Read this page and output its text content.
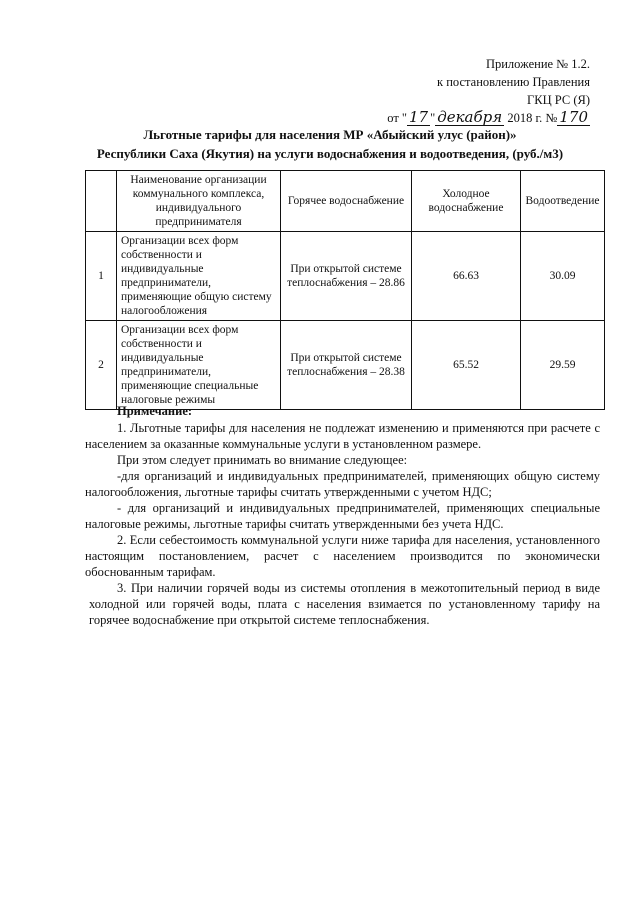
Приложение № 1.2.
к постановлению Правления
ГКЦ РС (Я)
от " 17 " декабря 2018 г. № 170
Льготные тарифы для населения МР «Абыйский улус (район)»
Республики Саха (Якутия) на услуги водоснабжения и водоотведения, (руб./м3)
	Наименование организации коммунального комплекса, индивидуального предпринимателя	Горячее водоснабжение	Холодное водоснабжение	Водоотведение
1	Организации всех форм собственности и индивидуальные предприниматели, применяющие общую систему налогообложения	При открытой системе теплоснабжения – 28.86	66.63	30.09
2	Организации всех форм собственности и индивидуальные предприниматели, применяющие специальные налоговые режимы	При открытой системе теплоснабжения – 28.38	65.52	29.59

Примечание:

1. Льготные тарифы для населения не подлежат изменению и применяются при расчете с населением за оказанные коммунальные услуги в установленном размере.

При этом следует принимать во внимание следующее:

-для организаций и индивидуальных предпринимателей, применяющих общую систему налогообложения, льготные тарифы считать утвержденными с учетом НДС;

- для организаций и индивидуальных предпринимателей, применяющих специальные налоговые режимы, льготные тарифы считать утвержденными без учета НДС.

2. Если себестоимость коммунальной услуги ниже тарифа для населения, установленного настоящим постановлением, расчет с населением производится по экономически обоснованным тарифам.

3. При наличии горячей воды из системы отопления в межотопительный период в виде холодной или горячей воды, плата с населения взимается по установленному тарифу на горячее водоснабжение при открытой системе теплоснабжения.
